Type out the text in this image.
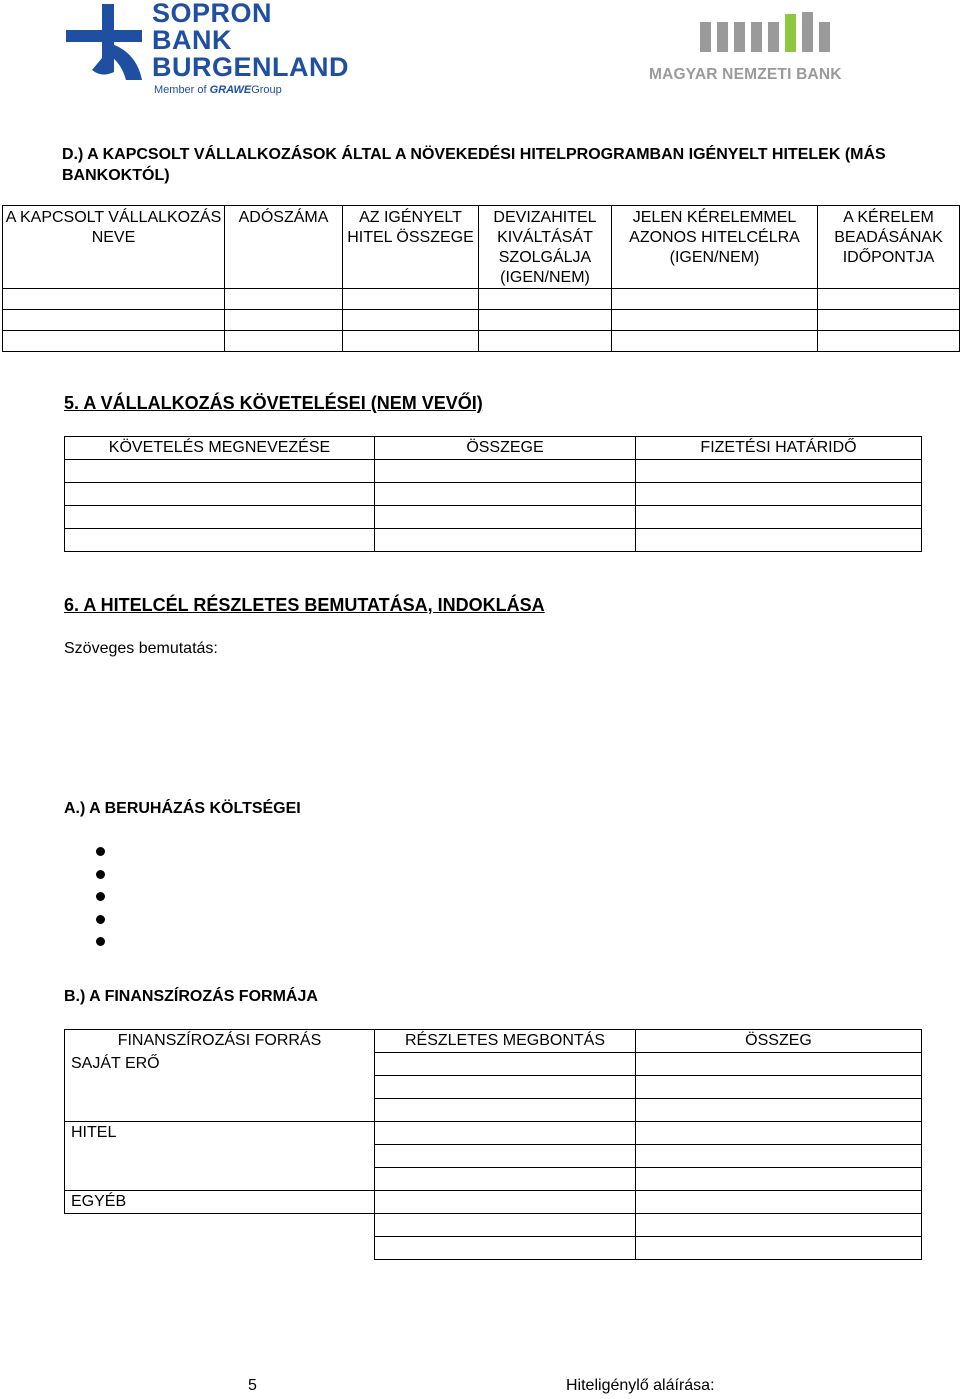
SOPRON
BANK
BURGENLAND
Member of GRAWEGroup
MAGYAR NEMZETI BANK
D.) A KAPCSOLT VÁLLALKOZÁSOK ÁLTAL A NÖVEKEDÉSI HITELPROGRAMBAN IGÉNYELT HITELEK (MÁS BANKOKTÓL)
A KAPCSOLT VÁLLALKOZÁS NEVE	ADÓSZÁMA	AZ IGÉNYELT HITEL ÖSSZEGE	DEVIZAHITEL KIVÁLTÁSÁT SZOLGÁLJA (IGEN/NEM)	JELEN KÉRELEMMEL AZONOS HITELCÉLRA (IGEN/NEM)	A KÉRELEM BEADÁSÁNAK IDŐPONTJA

5. A VÁLLALKOZÁS KÖVETELÉSEI (NEM VEVŐI)
KÖVETELÉS MEGNEVEZÉSE	ÖSSZEGE	FIZETÉSI HATÁRIDŐ

6. A HITELCÉL RÉSZLETES BEMUTATÁSA, INDOKLÁSA
Szöveges bemutatás:
A.) A BERUHÁZÁS KÖLTSÉGEI
B.) A FINANSZÍROZÁS FORMÁJA
FINANSZÍROZÁSI FORRÁS	RÉSZLETES MEGBONTÁS	ÖSSZEG
SAJÁT ERŐ		

HITEL		

EGYÉB		

5	Hiteligénylő aláírása:
